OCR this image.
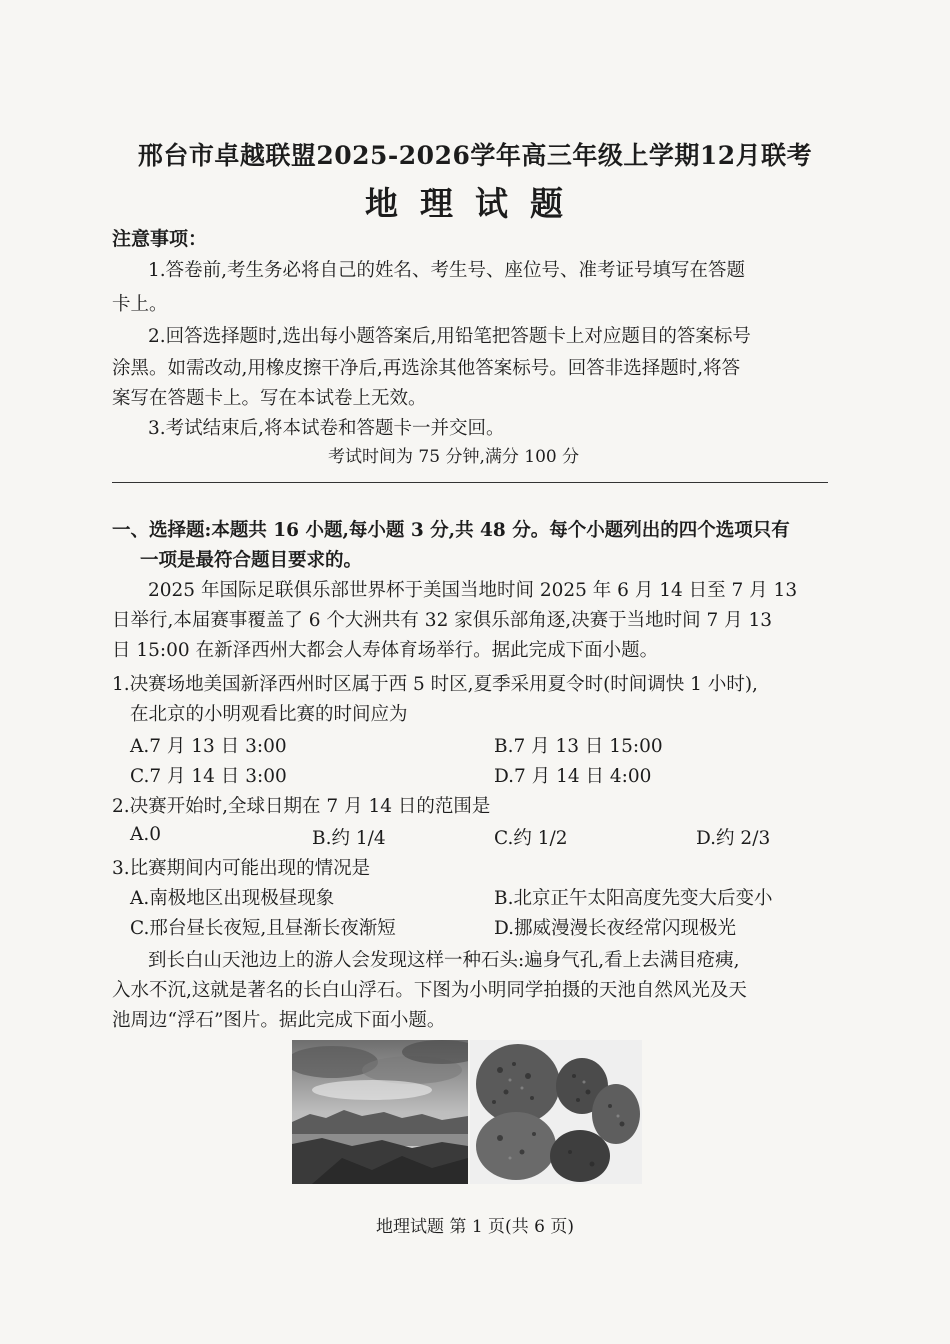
邢台市卓越联盟2025-2026学年高三年级上学期12月联考
地理试题
注意事项：
1.答卷前,考生务必将自己的姓名、考生号、座位号、准考证号填写在答题
卡上。
2.回答选择题时,选出每小题答案后,用铅笔把答题卡上对应题目的答案标号
涂黑。如需改动,用橡皮擦干净后,再选涂其他答案标号。回答非选择题时,将答
案写在答题卡上。写在本试卷上无效。
3.考试结束后,将本试卷和答题卡一并交回。
考试时间为 75 分钟,满分 100 分
一、选择题:本题共 16 小题,每小题 3 分,共 48 分。每个小题列出的四个选项只有
一项是最符合题目要求的。
2025 年国际足联俱乐部世界杯于美国当地时间 2025 年 6 月 14 日至 7 月 13
日举行,本届赛事覆盖了 6 个大洲共有 32 家俱乐部角逐,决赛于当地时间 7 月 13
日 15:00 在新泽西州大都会人寿体育场举行。据此完成下面小题。
1.决赛场地美国新泽西州时区属于西 5 时区,夏季采用夏令时(时间调快 1 小时),
在北京的小明观看比赛的时间应为
A.7 月 13 日 3:00	B.7 月 13 日 15:00
C.7 月 14 日 3:00	D.7 月 14 日 4:00
2.决赛开始时,全球日期在 7 月 14 日的范围是
A.0	B.约 1/4	C.约 1/2	D.约 2/3
3.比赛期间内可能出现的情况是
A.南极地区出现极昼现象	B.北京正午太阳高度先变大后变小
C.邢台昼长夜短,且昼渐长夜渐短	D.挪威漫漫长夜经常闪现极光
到长白山天池边上的游人会发现这样一种石头:遍身气孔,看上去满目疮痍,
入水不沉,这就是著名的长白山浮石。下图为小明同学拍摄的天池自然风光及天
池周边“浮石”图片。据此完成下面小题。
地理试题 第 1 页(共 6 页)
